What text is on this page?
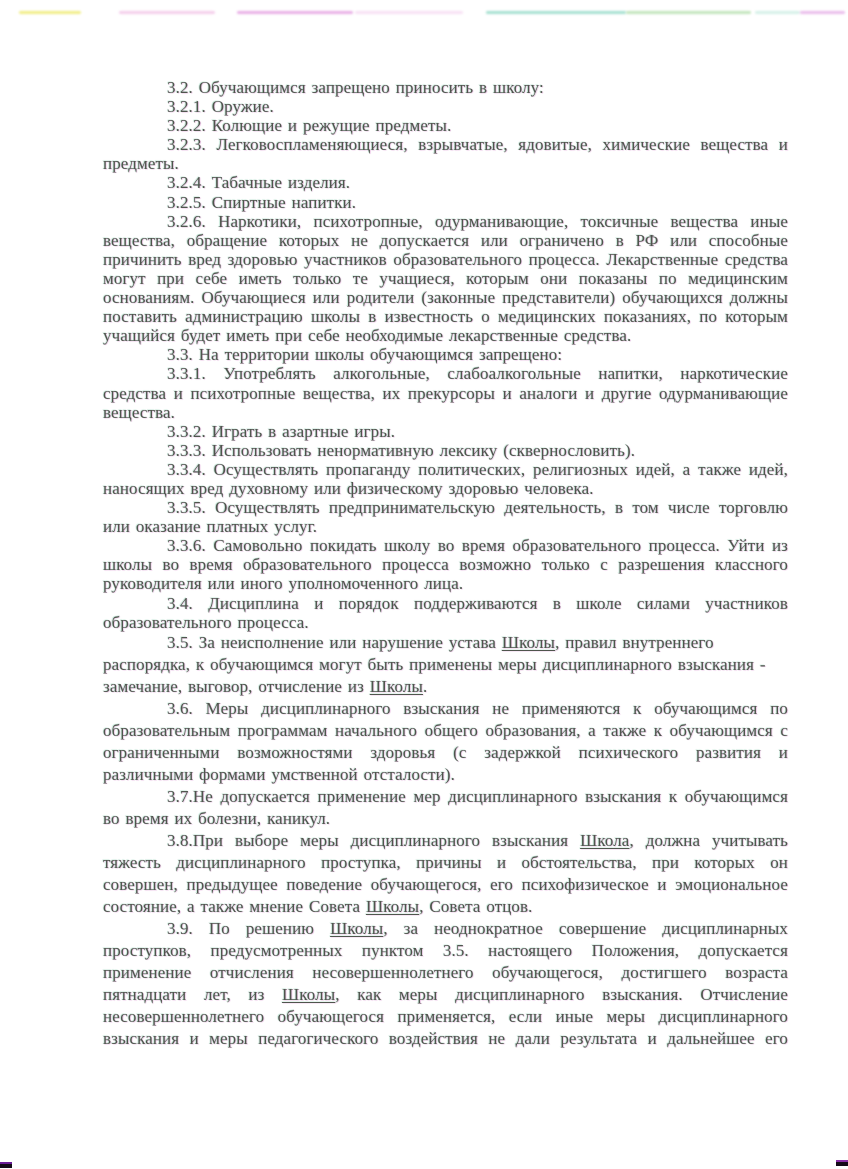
3.2. Обучающимся запрещено приносить в школу:

3.2.1. Оружие.

3.2.2. Колющие и режущие предметы.

3.2.3. Легковоспламеняющиеся, взрывчатые, ядовитые, химические вещества и предметы.

3.2.4. Табачные изделия.

3.2.5. Спиртные напитки.

3.2.6. Наркотики, психотропные, одурманивающие, токсичные вещества иные вещества, обращение которых не допускается или ограничено в РФ или способные причинить вред здоровью участников образовательного процесса. Лекарственные средства могут при себе иметь только те учащиеся, которым они показаны по медицинским основаниям. Обучающиеся или родители (законные представители) обучающихся должны поставить администрацию школы в известность о медицинских показаниях, по которым учащийся будет иметь при себе необходимые лекарственные средства.

3.3. На территории школы обучающимся запрещено:

3.3.1. Употреблять алкогольные, слабоалкогольные напитки, наркотические средства и психотропные вещества, их прекурсоры и аналоги и другие одурманивающие вещества.

3.3.2. Играть в азартные игры.

3.3.3. Использовать ненормативную лексику (сквернословить).

3.3.4. Осуществлять пропаганду политических, религиозных идей, а также идей, наносящих вред духовному или физическому здоровью человека.

3.3.5. Осуществлять предпринимательскую деятельность, в том числе торговлю или оказание платных услуг.

3.3.6. Самовольно покидать школу во время образовательного процесса. Уйти из школы во время образовательного процесса возможно только с разрешения классного руководителя или иного уполномоченного лица.

3.4. Дисциплина и порядок поддерживаются в школе силами участников образовательного процесса.

3.5. За неисполнение или нарушение устава Школы, правил внутреннего
распорядка, к обучающимся могут быть применены меры дисциплинарного взыскания -
замечание, выговор, отчисление из Школы.

3.6. Меры дисциплинарного взыскания не применяются к обучающимся по образовательным программам начального общего образования, а также к обучающимся с ограниченными возможностями здоровья (с задержкой психического развития и различными формами умственной отсталости).

3.7.Не допускается применение мер дисциплинарного взыскания к обучающимся во время их болезни, каникул.

3.8.При выборе меры дисциплинарного взыскания Школа, должна учитывать тяжесть дисциплинарного проступка, причины и обстоятельства, при которых он совершен, предыдущее поведение обучающегося, его психофизическое и эмоциональное состояние, а также мнение Совета Школы, Совета отцов.

3.9. По решению Школы, за неоднократное совершение дисциплинарных проступков, предусмотренных пунктом 3.5. настоящего Положения, допускается применение отчисления несовершеннолетнего обучающегося, достигшего возраста пятнадцати лет, из Школы, как меры дисциплинарного взыскания. Отчисление несовершеннолетнего обучающегося применяется, если иные меры дисциплинарного взыскания и меры педагогического воздействия не дали результата и дальнейшее его
